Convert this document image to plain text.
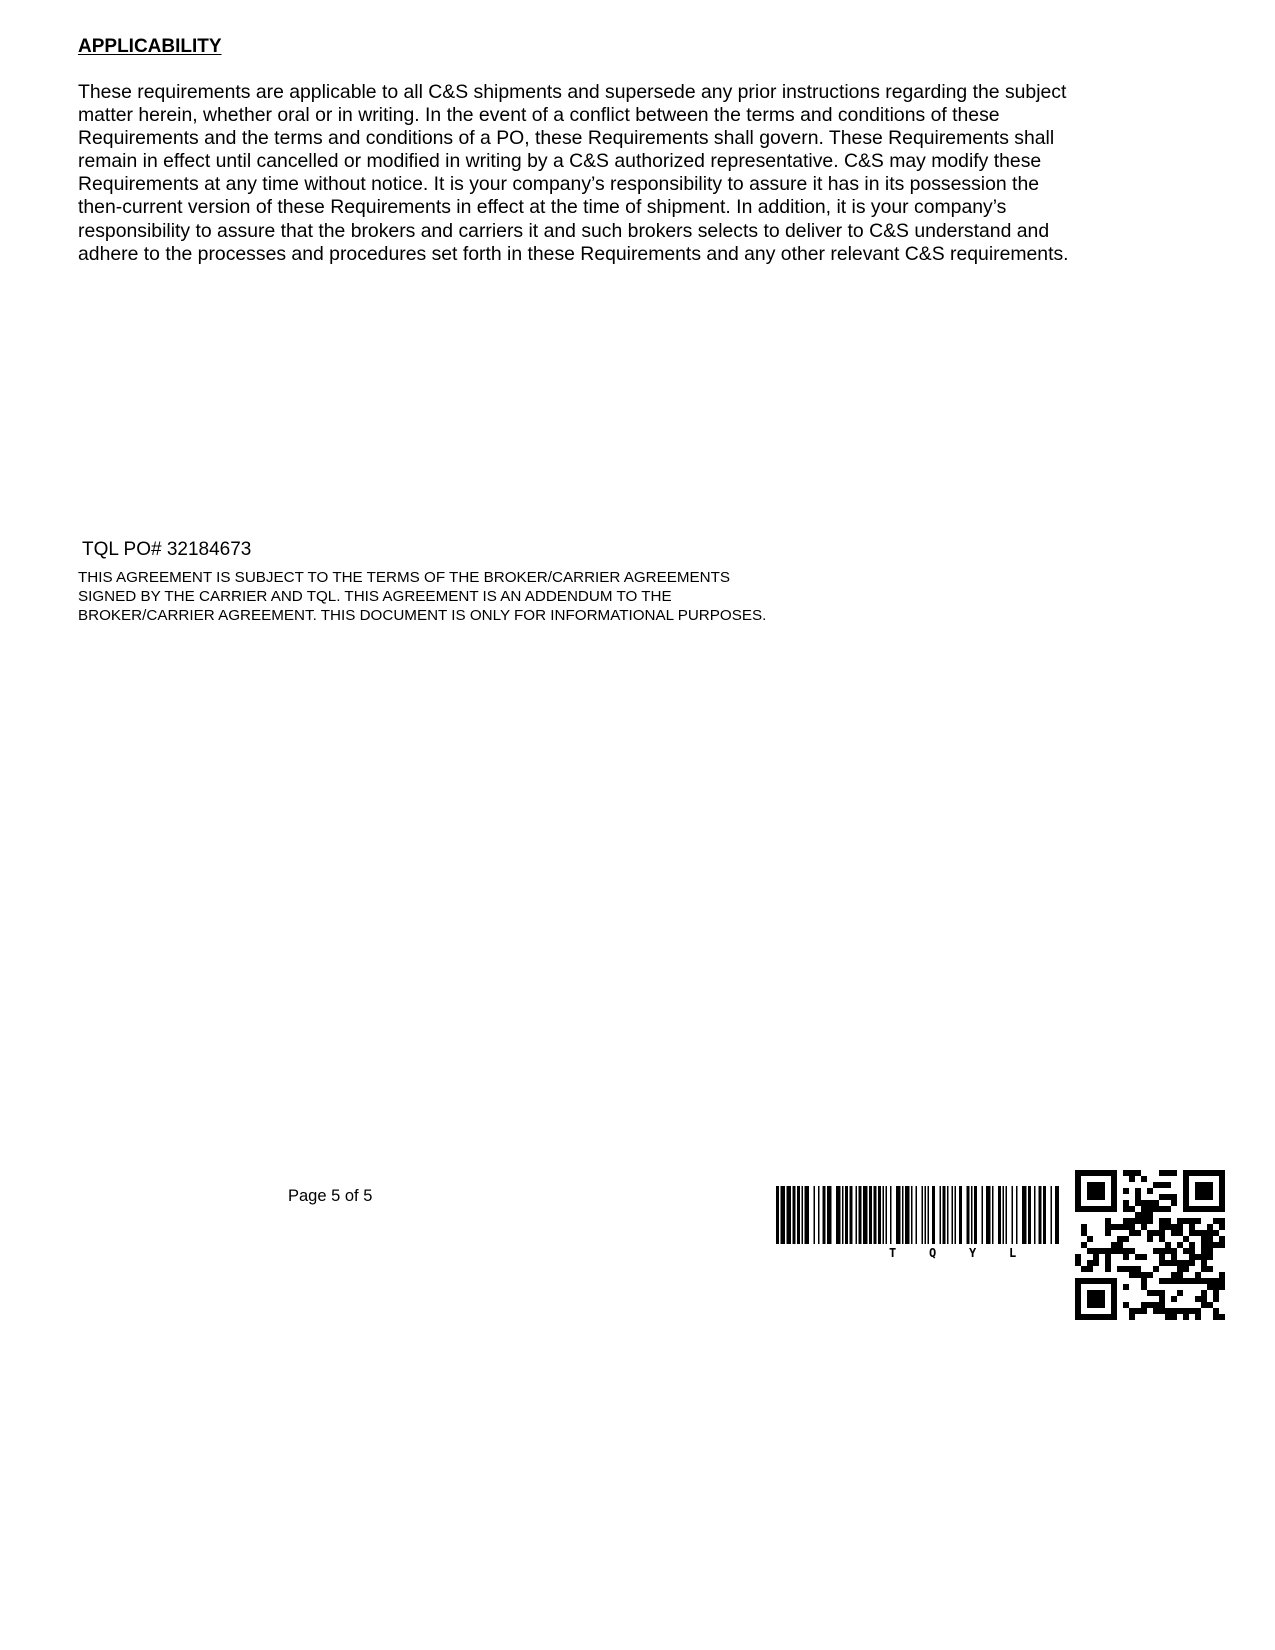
APPLICABILITY

These requirements are applicable to all C&S shipments and supersede any prior instructions regarding the subject matter herein, whether oral or in writing. In the event of a conflict between the terms and conditions of these Requirements and the terms and conditions of a PO, these Requirements shall govern. These Requirements shall remain in effect until cancelled or modified in writing by a C&S authorized representative. C&S may modify these Requirements at any time without notice. It is your company’s responsibility to assure it has in its possession the then-current version of these Requirements in effect at the time of shipment. In addition, it is your company’s responsibility to assure that the brokers and carriers it and such brokers selects to deliver to C&S understand and adhere to the processes and procedures set forth in these Requirements and any other relevant C&S requirements.

TQL PO# 32184673

THIS AGREEMENT IS SUBJECT TO THE TERMS OF THE BROKER/CARRIER AGREEMENTS SIGNED BY THE CARRIER AND TQL. THIS AGREEMENT IS AN ADDENDUM TO THE BROKER/CARRIER AGREEMENT. THIS DOCUMENT IS ONLY FOR INFORMATIONAL PURPOSES.

Page 5 of 5

T	Q	Y	L
